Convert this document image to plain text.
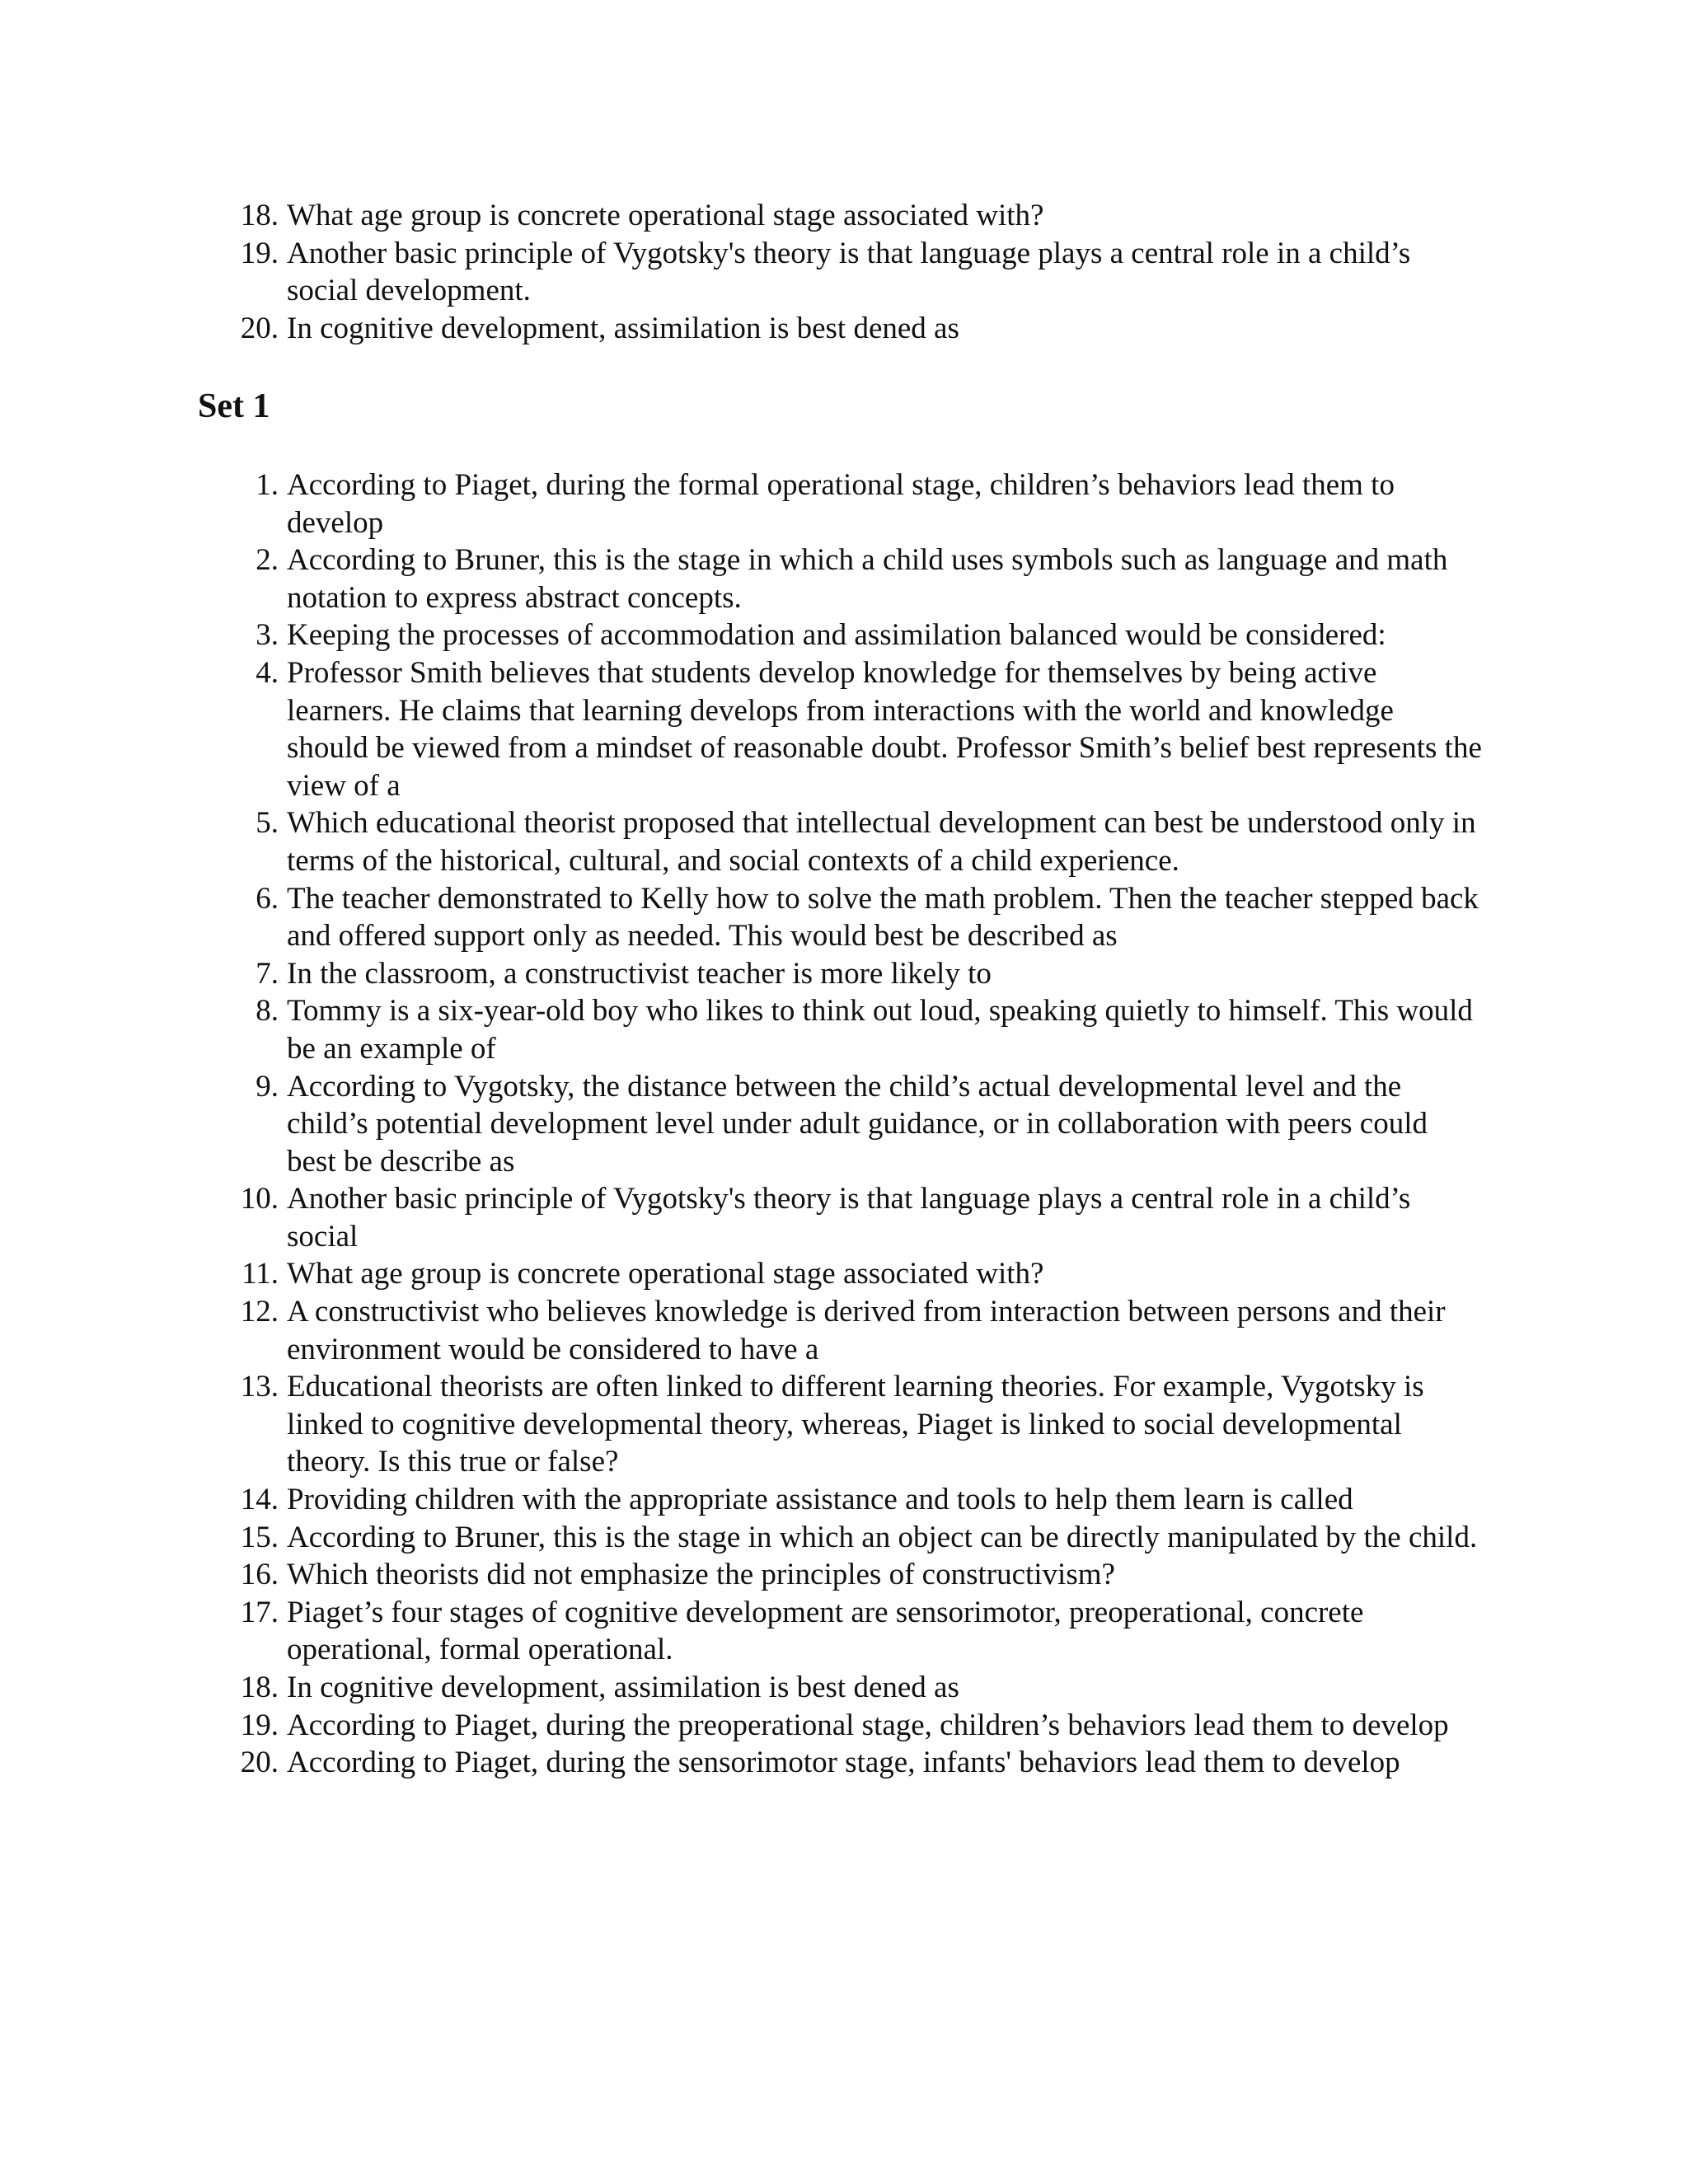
18. What age group is concrete operational stage associated with?
19. Another basic principle of Vygotsky's theory is that language plays a central role in a child’s social development.
20. In cognitive development, assimilation is best dened as
Set 1
1. According to Piaget, during the formal operational stage, children’s behaviors lead them to develop
2. According to Bruner, this is the stage in which a child uses symbols such as language and math notation to express abstract concepts.
3. Keeping the processes of accommodation and assimilation balanced would be considered:
4. Professor Smith believes that students develop knowledge for themselves by being active learners. He claims that learning develops from interactions with the world and knowledge should be viewed from a mindset of reasonable doubt. Professor Smith’s belief best represents the view of a
5. Which educational theorist proposed that intellectual development can best be understood only in terms of the historical, cultural, and social contexts of a child experience.
6. The teacher demonstrated to Kelly how to solve the math problem. Then the teacher stepped back and offered support only as needed. This would best be described as
7. In the classroom, a constructivist teacher is more likely to
8. Tommy is a six-year-old boy who likes to think out loud, speaking quietly to himself. This would be an example of
9. According to Vygotsky, the distance between the child’s actual developmental level and the child’s potential development level under adult guidance, or in collaboration with peers could best be describe as
10. Another basic principle of Vygotsky's theory is that language plays a central role in a child’s social
11. What age group is concrete operational stage associated with?
12. A constructivist who believes knowledge is derived from interaction between persons and their environment would be considered to have a
13. Educational theorists are often linked to different learning theories. For example, Vygotsky is linked to cognitive developmental theory, whereas, Piaget is linked to social developmental theory. Is this true or false?
14. Providing children with the appropriate assistance and tools to help them learn is called
15. According to Bruner, this is the stage in which an object can be directly manipulated by the child.
16. Which theorists did not emphasize the principles of constructivism?
17. Piaget’s four stages of cognitive development are sensorimotor, preoperational, concrete operational, formal operational.
18. In cognitive development, assimilation is best dened as
19. According to Piaget, during the preoperational stage, children’s behaviors lead them to develop
20. According to Piaget, during the sensorimotor stage, infants' behaviors lead them to develop
